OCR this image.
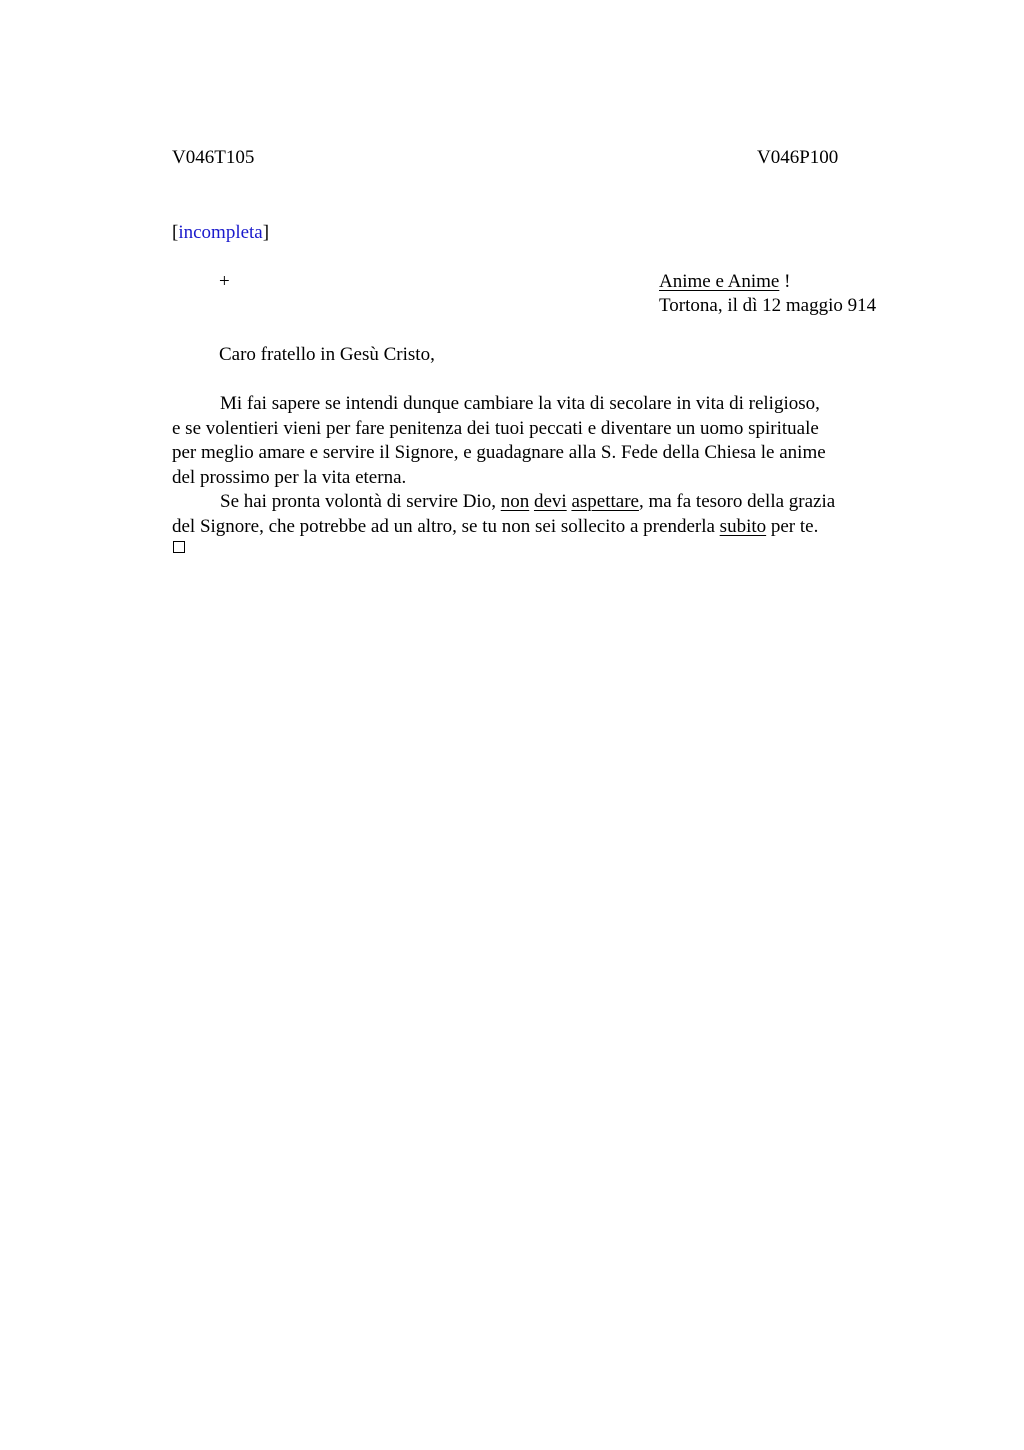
V046T105	V046P100
[incompleta]
+	Anime e Anime !
Tortona, il dì 12 maggio 914
Caro fratello in Gesù Cristo,
Mi fai sapere se intendi dunque cambiare la vita di secolare in vita di religioso,
e se volentieri vieni per fare penitenza dei tuoi peccati e diventare un uomo spirituale
per meglio amare e servire il Signore, e guadagnare alla S. Fede della Chiesa le anime
del prossimo per la vita eterna.
Se hai pronta volontà di servire Dio, non devi aspettare, ma fa tesoro della grazia
del Signore, che potrebbe ad un altro, se tu non sei sollecito a prenderla subito per te.
